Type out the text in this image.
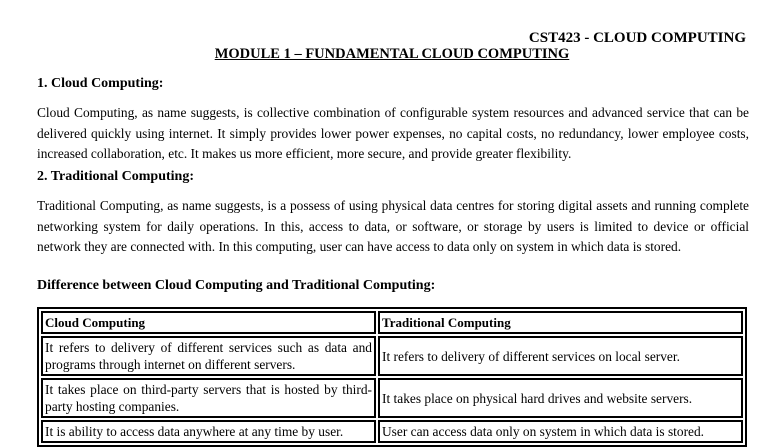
CST423 - CLOUD COMPUTING
MODULE 1 – FUNDAMENTAL CLOUD COMPUTING
1. Cloud Computing:
Cloud Computing, as name suggests, is collective combination of configurable system resources and advanced service that can be delivered quickly using internet. It simply provides lower power expenses, no capital costs, no redundancy, lower employee costs, increased collaboration, etc. It makes us more efficient, more secure, and provide greater flexibility.
2. Traditional Computing:
Traditional Computing, as name suggests, is a possess of using physical data centres for storing digital assets and running complete networking system for daily operations. In this, access to data, or software, or storage by users is limited to device or official network they are connected with. In this computing, user can have access to data only on system in which data is stored.
Difference between Cloud Computing and Traditional Computing:
Cloud Computing	Traditional Computing
It refers to delivery of different services such as data and programs through internet on different servers.	It refers to delivery of different services on local server.
It takes place on third-party servers that is hosted by third-party hosting companies.	It takes place on physical hard drives and website servers.
It is ability to access data anywhere at any time by user.	User can access data only on system in which data is stored.
